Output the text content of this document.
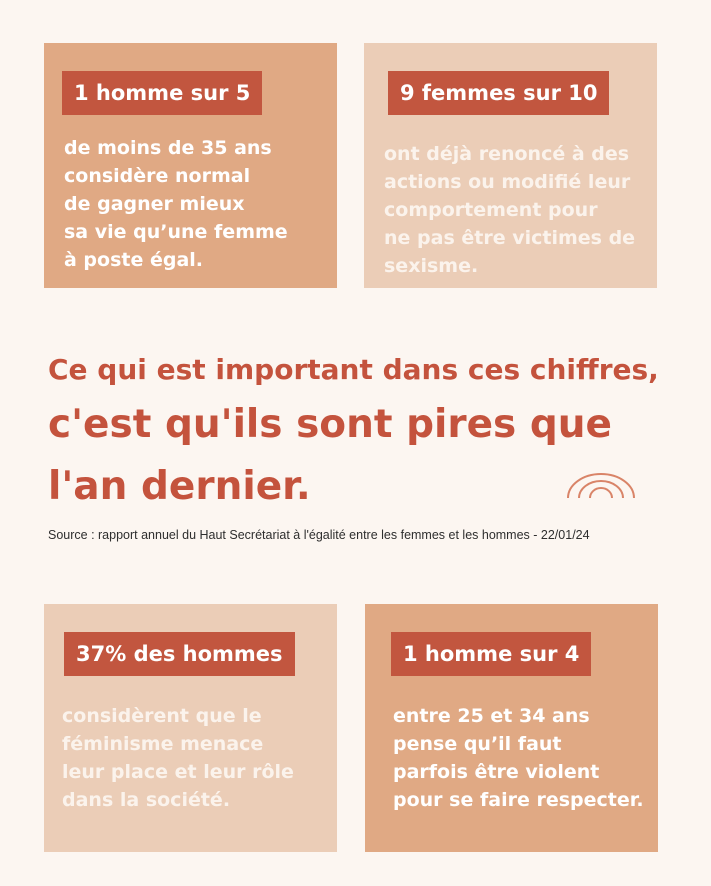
1 homme sur 5
de moins de 35 ans
considère normal
de gagner mieux
sa vie qu’une femme
à poste égal.
9 femmes sur 10
ont déjà renoncé à des
actions ou modifié leur
comportement pour
ne pas être victimes de
sexisme.
Ce qui est important dans ces chiffres,
c'est qu'ils sont pires que
l'an dernier.
Source : rapport annuel du Haut Secrétariat à l'égalité entre les femmes et les hommes - 22/01/24
37% des hommes
considèrent que le
féminisme menace
leur place et leur rôle
dans la société.
1 homme sur 4
entre 25 et 34 ans
pense qu’il faut
parfois être violent
pour se faire respecter.
